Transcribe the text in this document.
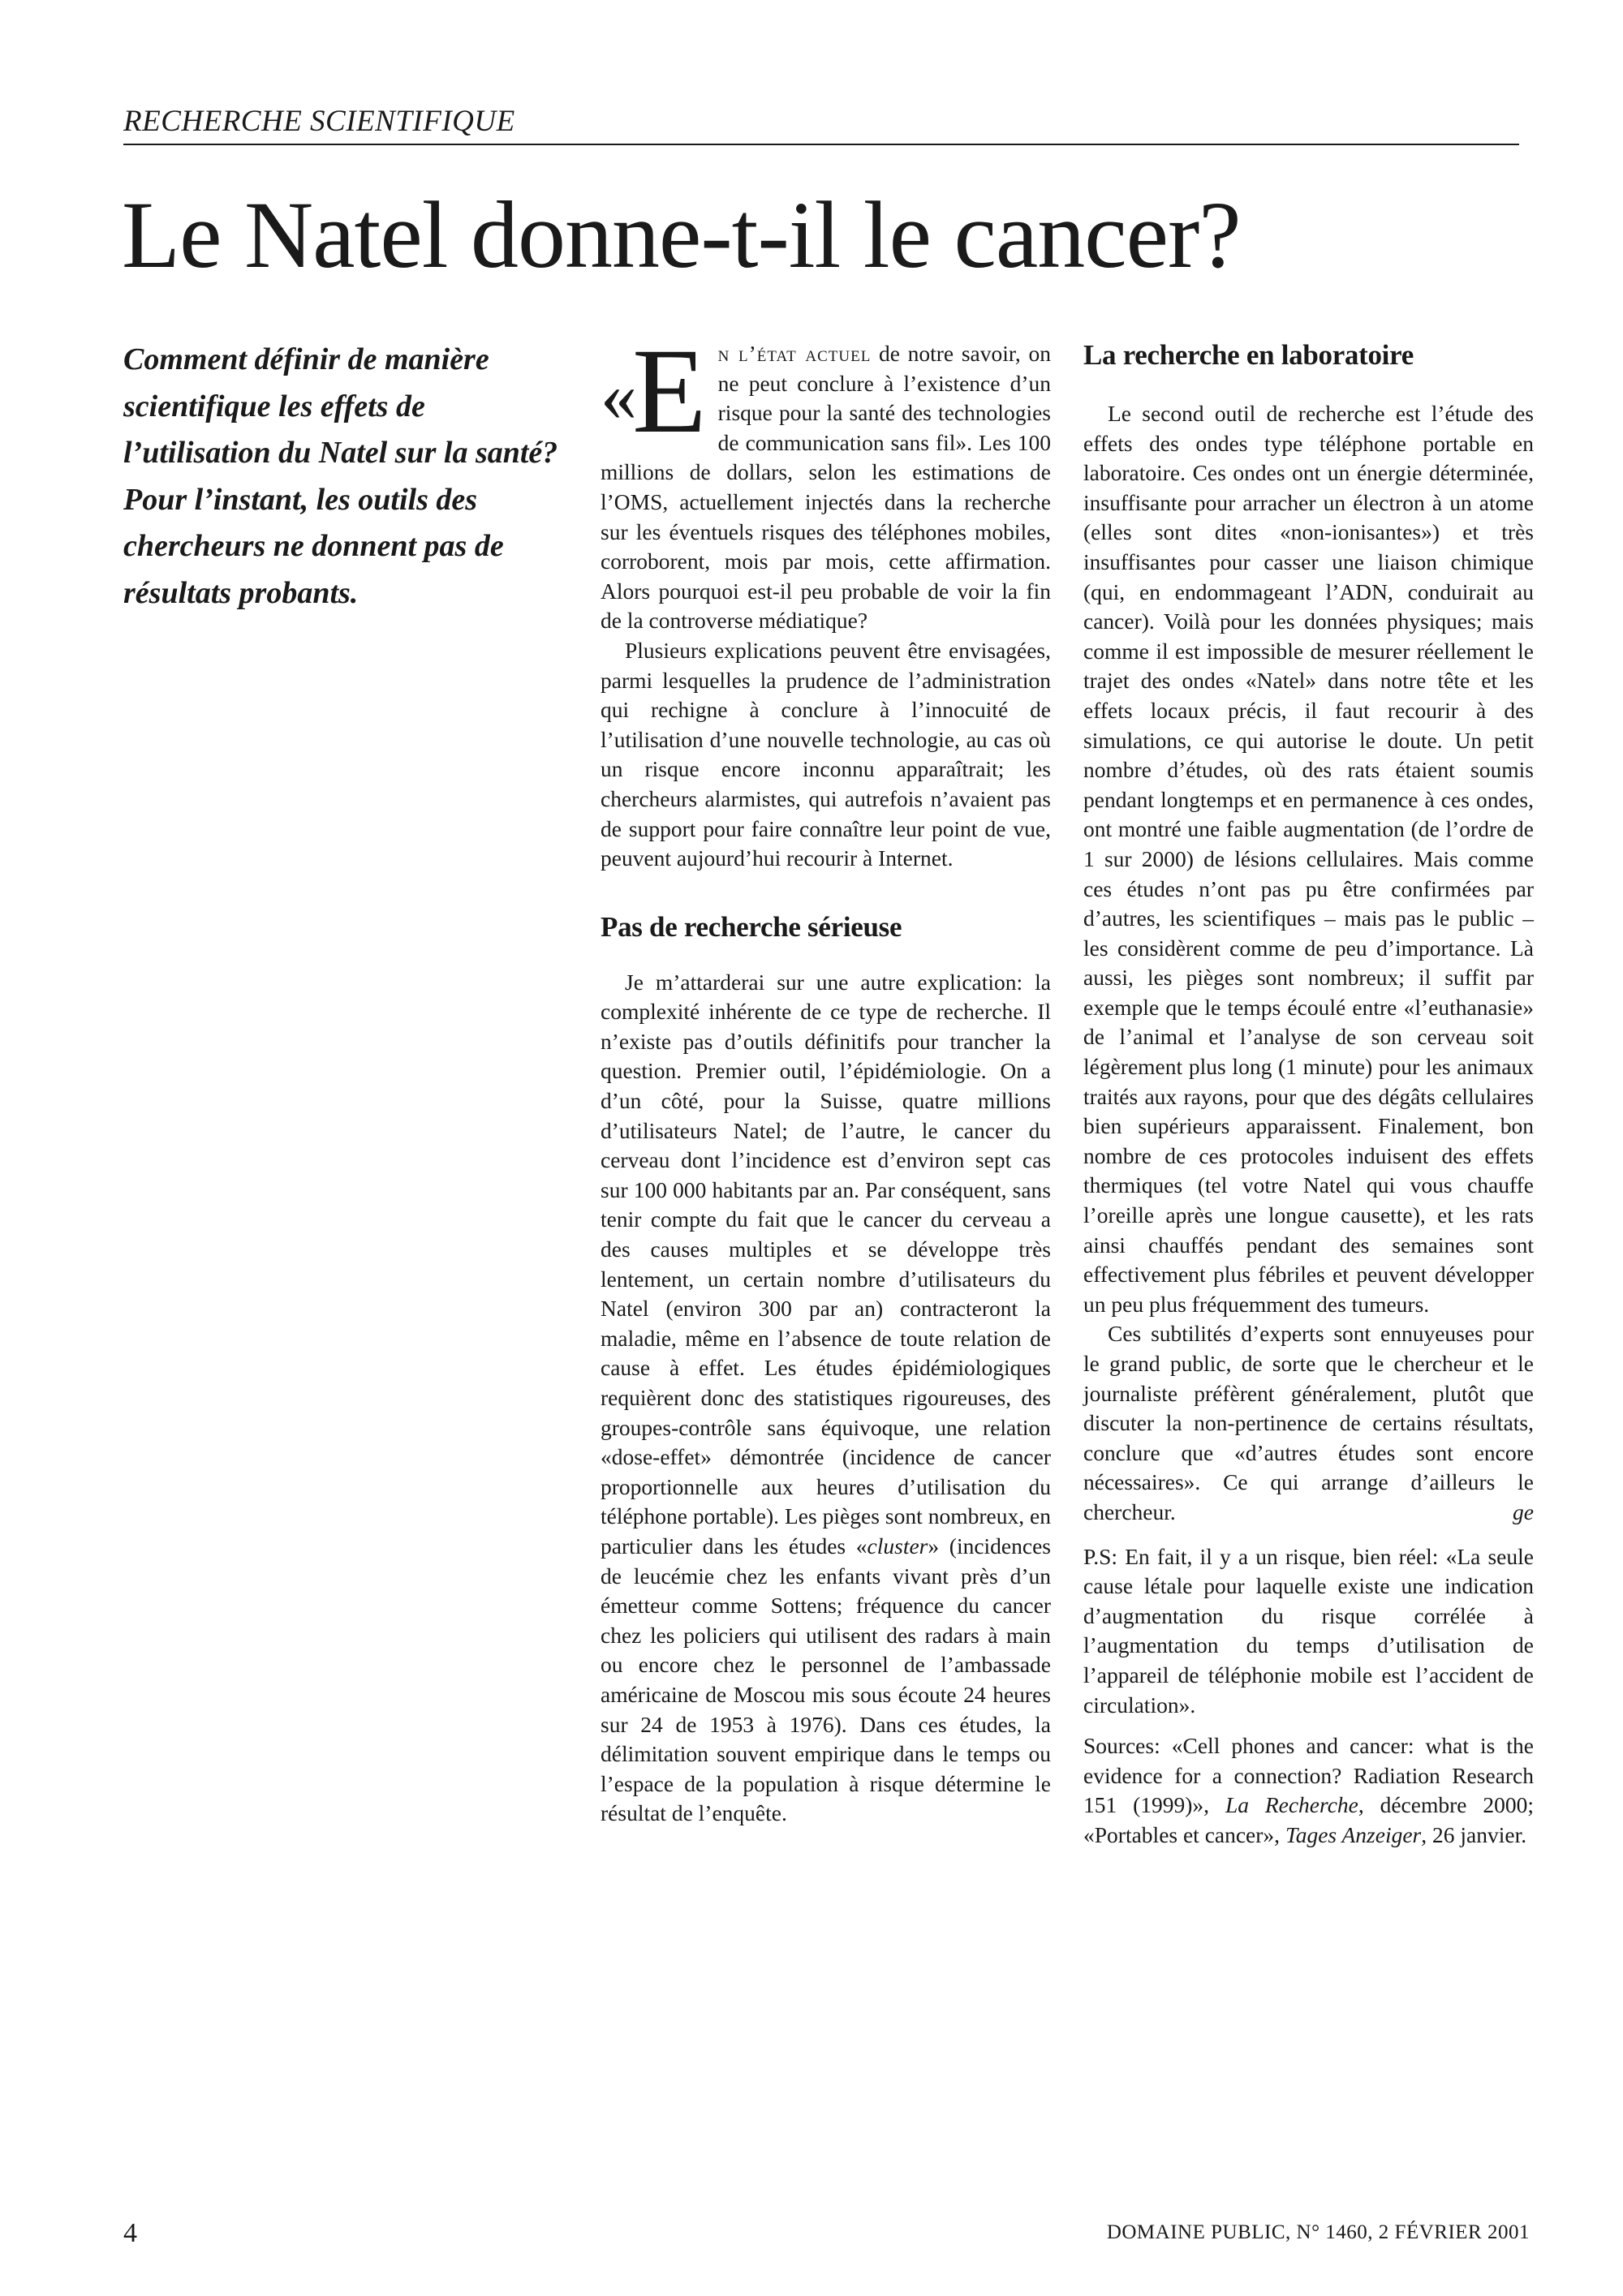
RECHERCHE SCIENTIFIQUE
Le Natel donne-t-il le cancer?

Comment définir de manière scientifique les effets de l’utilisation du Natel sur la santé?

Pour l’instant, les outils des chercheurs ne donnent pas de résultats probants.

«E n l’état actuel de notre savoir, on ne peut conclure à l’existence d’un risque pour la santé des technologies de communication sans fil». Les 100 millions de dollars, selon les estimations de l’OMS, actuellement injectés dans la recherche sur les éventuels risques des téléphones mobiles, corroborent, mois par mois, cette affirmation. Alors pourquoi est-il peu probable de voir la fin de la controverse médiatique?

Plusieurs explications peuvent être envisagées, parmi lesquelles la prudence de l’administration qui rechigne à conclure à l’innocuité de l’utilisation d’une nouvelle technologie, au cas où un risque encore inconnu apparaîtrait; les chercheurs alarmistes, qui autrefois n’avaient pas de support pour faire connaître leur point de vue, peuvent aujourd’hui recourir à Internet.

Pas de recherche sérieuse

Je m’attarderai sur une autre explication: la complexité inhérente de ce type de recherche. Il n’existe pas d’outils définitifs pour trancher la question. Premier outil, l’épidémiologie. On a d’un côté, pour la Suisse, quatre millions d’utilisateurs Natel; de l’autre, le cancer du cerveau dont l’incidence est d’environ sept cas sur 100 000 habitants par an. Par conséquent, sans tenir compte du fait que le cancer du cerveau a des causes multiples et se développe très lentement, un certain nombre d’utilisateurs du Natel (environ 300 par an) contracteront la maladie, même en l’absence de toute relation de cause à effet. Les études épidémiologiques requièrent donc des statistiques rigoureuses, des groupes-contrôle sans équivoque, une relation «dose-effet» démontrée (incidence de cancer proportionnelle aux heures d’utilisation du téléphone portable). Les pièges sont nombreux, en particulier dans les études «cluster» (incidences de leucémie chez les enfants vivant près d’un émetteur comme Sottens; fréquence du cancer chez les policiers qui utilisent des radars à main ou encore chez le personnel de l’ambassade américaine de Moscou mis sous écoute 24 heures sur 24 de 1953 à 1976). Dans ces études, la délimitation souvent empirique dans le temps ou l’espace de la population à risque détermine le résultat de l’enquête.

La recherche en laboratoire

Le second outil de recherche est l’étude des effets des ondes type téléphone portable en laboratoire. Ces ondes ont un énergie déterminée, insuffisante pour arracher un électron à un atome (elles sont dites «non-ionisantes») et très insuffisantes pour casser une liaison chimique (qui, en endommageant l’ADN, conduirait au cancer). Voilà pour les données physiques; mais comme il est impossible de mesurer réellement le trajet des ondes «Natel» dans notre tête et les effets locaux précis, il faut recourir à des simulations, ce qui autorise le doute. Un petit nombre d’études, où des rats étaient soumis pendant longtemps et en permanence à ces ondes, ont montré une faible augmentation (de l’ordre de 1 sur 2000) de lésions cellulaires. Mais comme ces études n’ont pas pu être confirmées par d’autres, les scientifiques – mais pas le public – les considèrent comme de peu d’importance. Là aussi, les pièges sont nombreux; il suffit par exemple que le temps écoulé entre «l’euthanasie» de l’animal et l’analyse de son cerveau soit légèrement plus long (1 minute) pour les animaux traités aux rayons, pour que des dégâts cellulaires bien supérieurs apparaissent. Finalement, bon nombre de ces protocoles induisent des effets thermiques (tel votre Natel qui vous chauffe l’oreille après une longue causette), et les rats ainsi chauffés pendant des semaines sont effectivement plus fébriles et peuvent développer un peu plus fréquemment des tumeurs.

Ces subtilités d’experts sont ennuyeuses pour le grand public, de sorte que le chercheur et le journaliste préfèrent généralement, plutôt que discuter la non-pertinence de certains résultats, conclure que «d’autres études sont encore nécessaires». Ce qui arrange d’ailleurs le chercheur.	ge

P.S: En fait, il y a un risque, bien réel: «La seule cause létale pour laquelle existe une indication d’augmentation du risque corrélée à l’augmentation du temps d’utilisation de l’appareil de téléphonie mobile est l’accident de circulation».

Sources: «Cell phones and cancer: what is the evidence for a connection? Radiation Research 151 (1999)», La Recherche, décembre 2000; «Portables et cancer», Tages Anzeiger, 26 janvier.

4	DOMAINE PUBLIC, N° 1460, 2 FÉVRIER 2001
